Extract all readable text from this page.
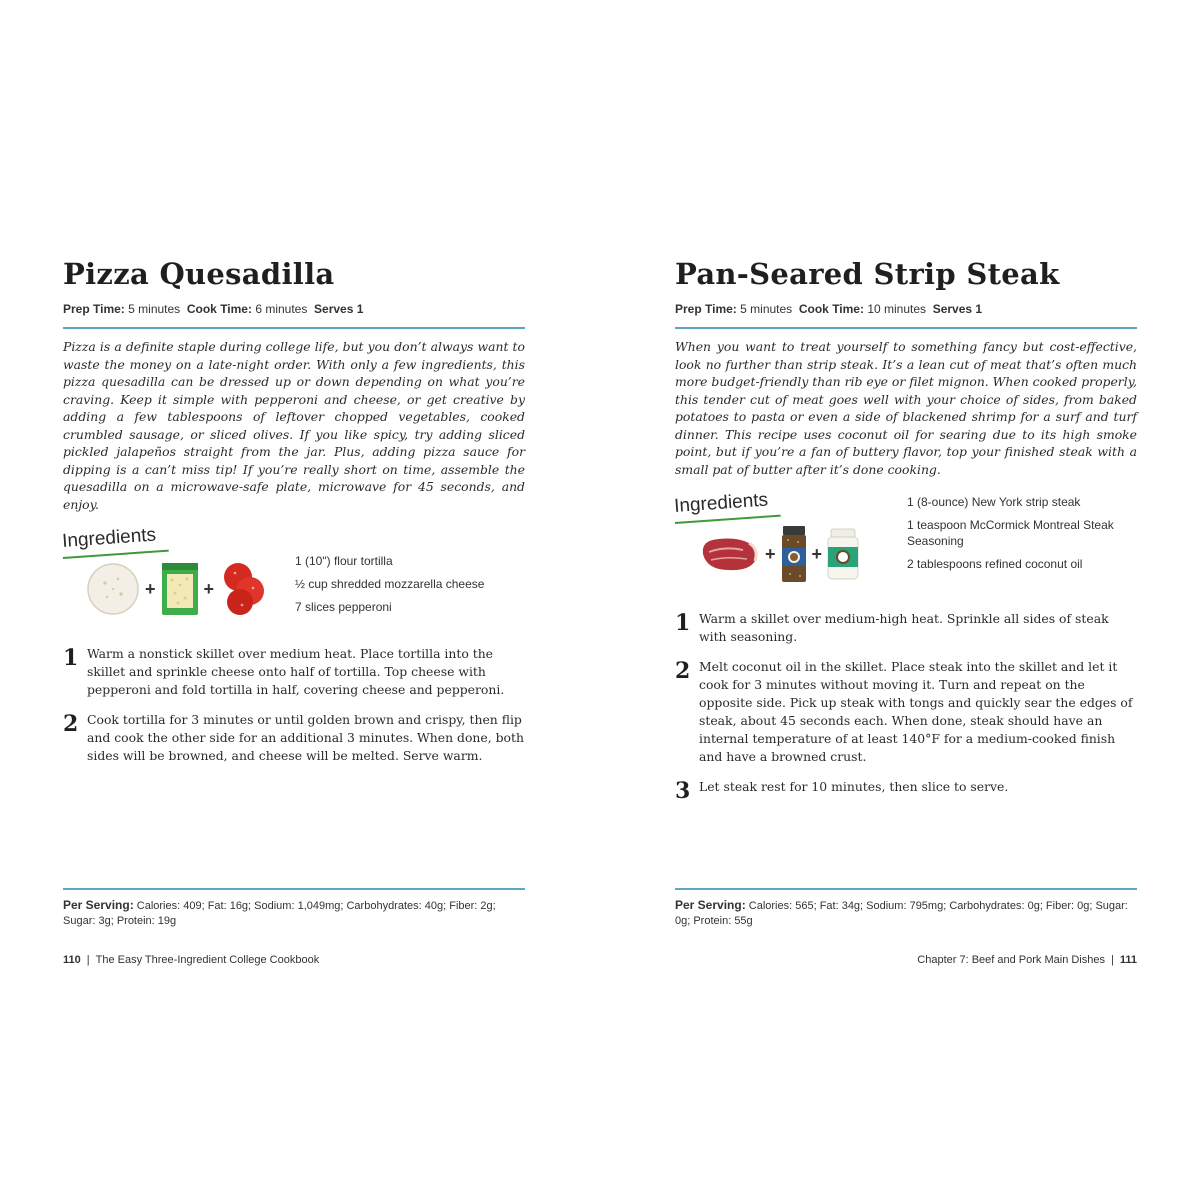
Pizza Quesadilla
Prep Time: 5 minutes Cook Time: 6 minutes Serves 1

Pizza is a definite staple during college life, but you don’t always want to waste the money on a late-night order. With only a few ingredients, this pizza quesadilla can be dressed up or down depending on what you’re craving. Keep it simple with pepperoni and cheese, or get creative by adding a few tablespoons of leftover chopped vegetables, cooked crumbled sausage, or sliced olives. If you like spicy, try adding sliced pickled jalapeños straight from the jar. Plus, adding pizza sauce for dipping is a can’t miss tip! If you’re really short on time, assemble the quesadilla on a microwave-safe plate, microwave for 45 seconds, and enjoy.

Ingredients
+	+
1 (10") flour tortilla
½ cup shredded mozzarella cheese
7 slices pepperoni
1 Warm a nonstick skillet over medium heat. Place tortilla into the skillet and sprinkle cheese onto half of tortilla. Top cheese with pepperoni and fold tortilla in half, covering cheese and pepperoni.
2 Cook tortilla for 3 minutes or until golden brown and crispy, then flip and cook the other side for an additional 3 minutes. When done, both sides will be browned, and cheese will be melted. Serve warm.
Per Serving: Calories: 409; Fat: 16g; Sodium: 1,049mg; Carbohydrates: 40g; Fiber: 2g; Sugar: 3g; Protein: 19g
110 | The Easy Three-Ingredient College Cookbook
Pan-Seared Strip Steak
Prep Time: 5 minutes Cook Time: 10 minutes Serves 1

When you want to treat yourself to something fancy but cost-effective, look no further than strip steak. It’s a lean cut of meat that’s often much more budget-friendly than rib eye or filet mignon. When cooked properly, this tender cut of meat goes well with your choice of sides, from baked potatoes to pasta or even a side of blackened shrimp for a surf and turf dinner. This recipe uses coconut oil for searing due to its high smoke point, but if you’re a fan of buttery flavor, top your finished steak with a small pat of butter after it’s done cooking.

Ingredients
+ +
1 (8-ounce) New York strip steak
1 teaspoon McCormick Montreal Steak Seasoning
2 tablespoons refined coconut oil
1 Warm a skillet over medium-high heat. Sprinkle all sides of steak with seasoning.
2 Melt coconut oil in the skillet. Place steak into the skillet and let it cook for 3 minutes without moving it. Turn and repeat on the opposite side. Pick up steak with tongs and quickly sear the edges of steak, about 45 seconds each. When done, steak should have an internal temperature of at least 140°F for a medium-cooked finish and have a browned crust.
3 Let steak rest for 10 minutes, then slice to serve.
Per Serving: Calories: 565; Fat: 34g; Sodium: 795mg; Carbohydrates: 0g; Fiber: 0g; Sugar: 0g; Protein: 55g
Chapter 7: Beef and Pork Main Dishes | 111
